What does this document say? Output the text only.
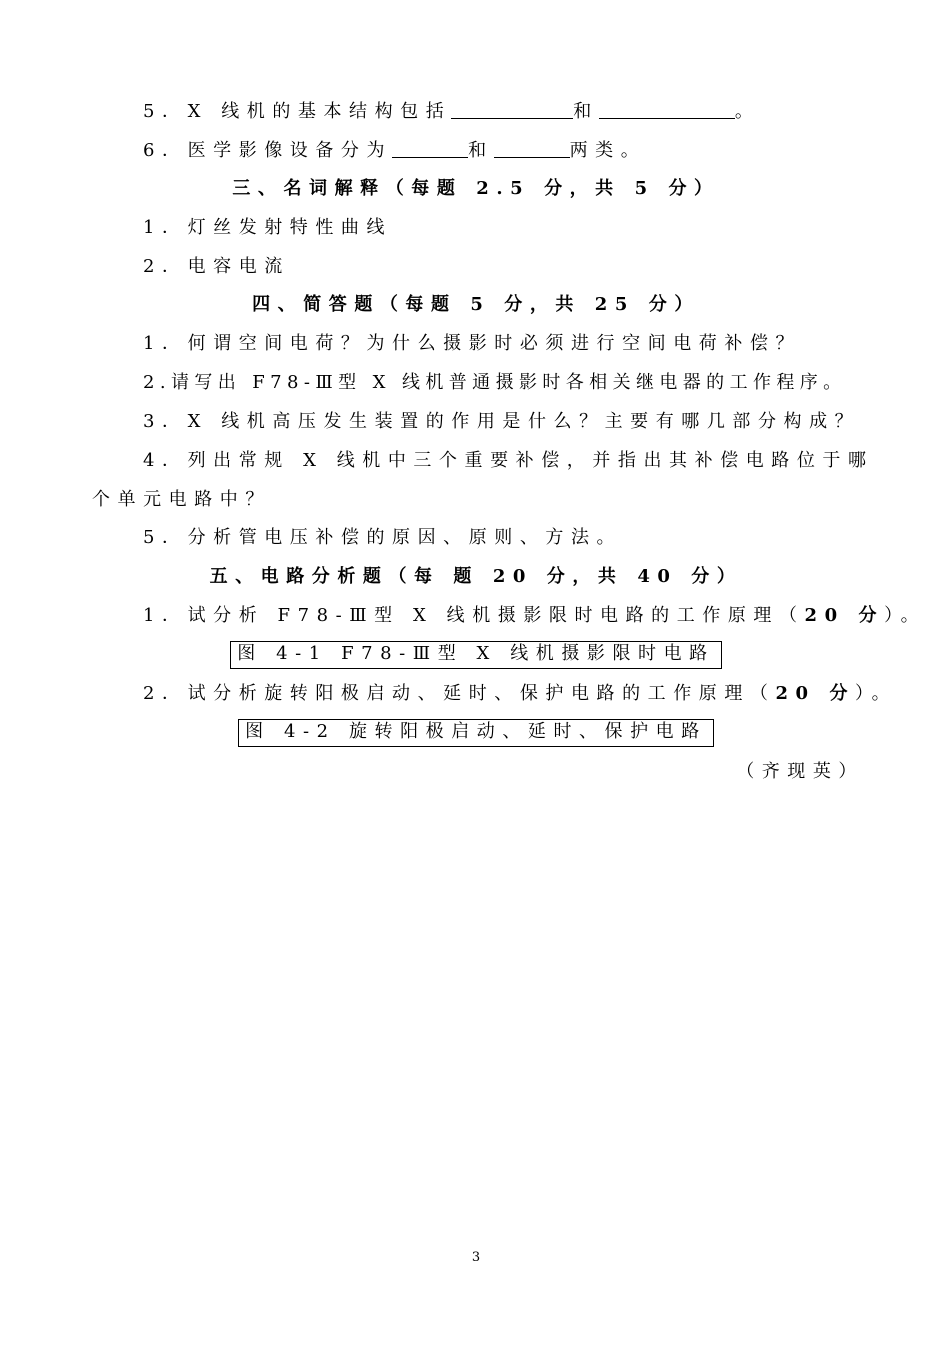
5．X 线机的基本结构包括	和	。
6．医学影像设备分为	和	两类。
三、名词解释（每题 2.5 分，共 5 分）
1．灯丝发射特性曲线
2．电容电流
四、简答题（每题 5 分，共 25 分）
1．何谓空间电荷？为什么摄影时必须进行空间电荷补偿？
2.请写出 F78-Ⅲ型 X 线机普通摄影时各相关继电器的工作程序。
3．X 线机高压发生装置的作用是什么？主要有哪几部分构成？
4．列出常规 X 线机中三个重要补偿，并指出其补偿电路位于哪
个单元电路中？
5．分析管电压补偿的原因、原则、方法。
五、电路分析题（每 题 20 分，共 40 分）
1．试分析 F78-Ⅲ型 X 线机摄影限时电路的工作原理（20 分）。
图 4-1 F78-Ⅲ型 X 线机摄影限时电路
2．试分析旋转阳极启动、延时、保护电路的工作原理（20 分）。
图 4-2 旋转阳极启动、延时、保护电路
（齐现英）
3
